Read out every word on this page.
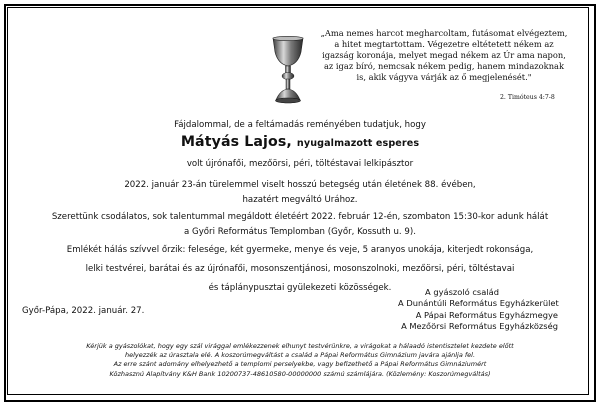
„Ama nemes harcot megharcoltam, futásomat elvégeztem,
a hitet megtartottam. Végezetre eltétetett nékem az
igazság koronája, melyet megad nékem az Úr ama napon,
az igaz bíró, nemcsak nékem pedig, hanem mindazoknak
is, akik vágyva várják az ő megjelenését."
2. Timóteus 4:7-8
Fájdalommal, de a feltámadás reményében tudatjuk, hogy
Mátyás Lajos, nyugalmazott esperes
volt újrónafői, mezőörsi, péri, töltéstavai lelkipásztor
2022. január 23-án türelemmel viselt hosszú betegség után életének 88. évében,
hazatért megváltó Urához.
Szerettünk csodálatos, sok talentummal megáldott életéért 2022. február 12-én, szombaton 15:30-kor adunk hálát
a Győri Református Templomban (Győr, Kossuth u. 9).
Emlékét hálás szívvel őrzik: felesége, két gyermeke, menye és veje, 5 aranyos unokája, kiterjedt rokonsága,
lelki testvérei, barátai és az újrónafői, mosonszentjánosi, mosonszolnoki, mezőörsi, péri, töltéstavai
és táplánypusztai gyülekezeti közösségek.
Győr-Pápa, 2022. január. 27.
A gyászoló család
A Dunántúli Református Egyházkerület
A Pápai Református Egyházmegye
A Mezőörsi Református Egyházközség
Kérjük a gyászolókat, hogy egy szál virággal emlékezzenek elhunyt testvérünkre, a virágokat a hálaadó istentisztelet kezdete előtt
helyezzék az úrasztala elé. A koszorúmegváltást a család a Pápai Református Gimnázium javára ajánlja fel.
Az erre szánt adomány elhelyezhető a templomi perselyekbe, vagy befizethető a Pápai Református Gimnáziumért
Közhasznú Alapítvány K&H Bank 10200737-48610580-00000000 számú számlájára. (Közlemény: Koszorúmegváltás)
